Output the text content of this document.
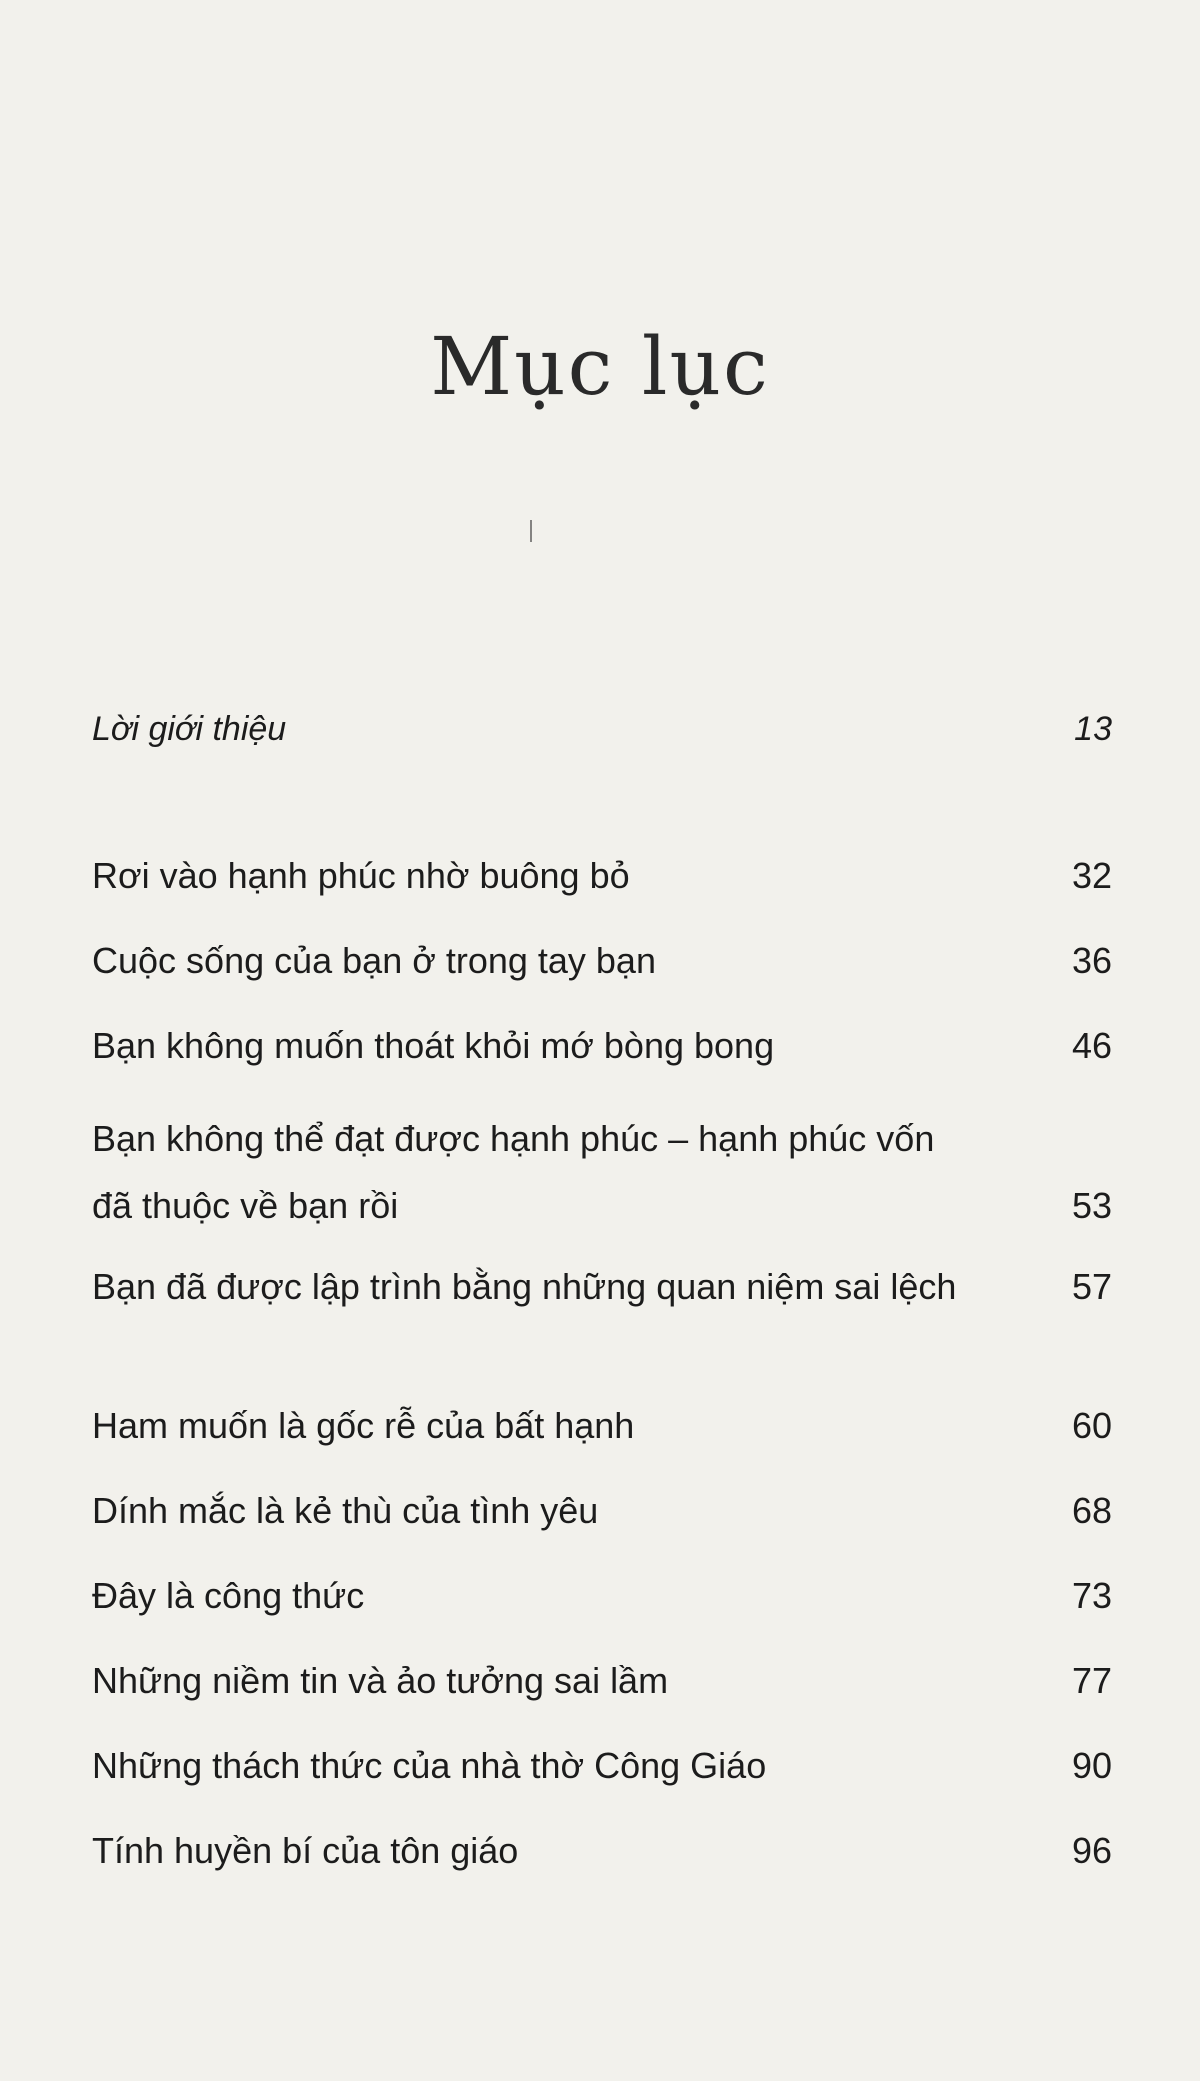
Mục lục
Lời giới thiệu	13
Rơi vào hạnh phúc nhờ buông bỏ	32
Cuộc sống của bạn ở trong tay bạn	36
Bạn không muốn thoát khỏi mớ bòng bong	46
Bạn không thể đạt được hạnh phúc – hạnh phúc vốn đã thuộc về bạn rồi	53
Bạn đã được lập trình bằng những quan niệm sai lệch	57
Ham muốn là gốc rễ của bất hạnh	60
Dính mắc là kẻ thù của tình yêu	68
Đây là công thức	73
Những niềm tin và ảo tưởng sai lầm	77
Những thách thức của nhà thờ Công Giáo	90
Tính huyền bí của tôn giáo	96
